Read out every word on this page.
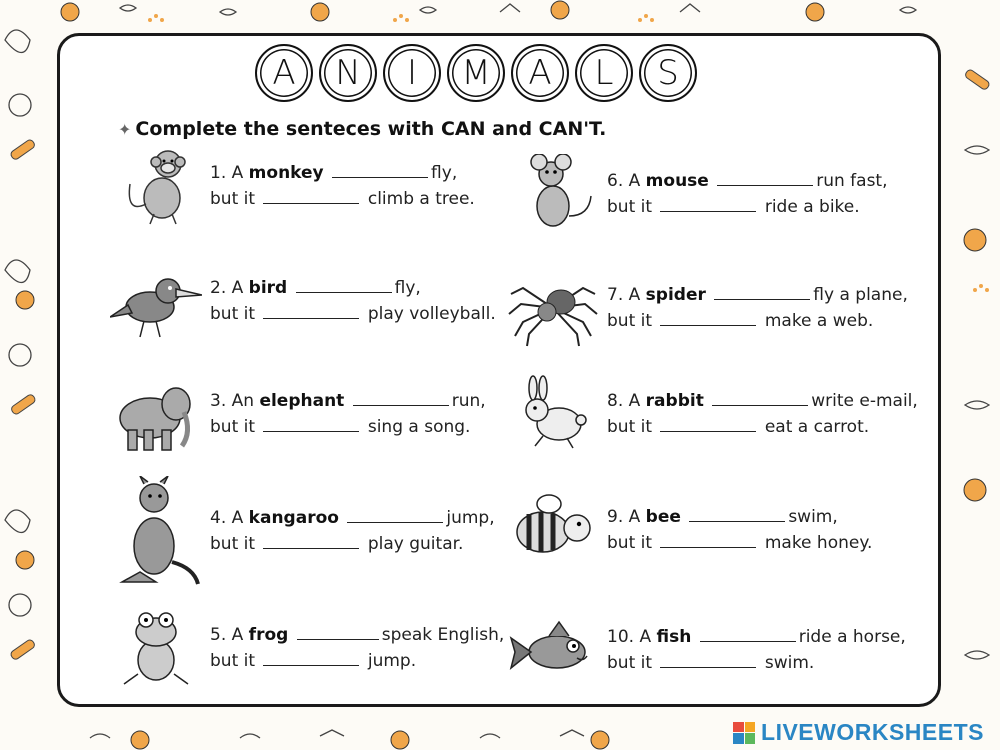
A	N	I	M	A	L	S
✦ Complete the senteces with CAN and CAN'T.
1. A monkey	fly,
but it	climb a tree.
2. A bird	fly,
but it	play volleyball.
3. An elephant	run,
but it	sing a song.
4. A kangaroo	jump,
but it	play guitar.
5. A frog	speak English,
but it	jump.
6. A mouse	run fast,
but it	ride a bike.
7. A spider	fly a plane,
but it	make a web.
8. A rabbit	write e-mail,
but it	eat a carrot.
9. A bee	swim,
but it	make honey.
10. A fish	ride a horse,
but it	swim.
LIVEWORKSHEETS
